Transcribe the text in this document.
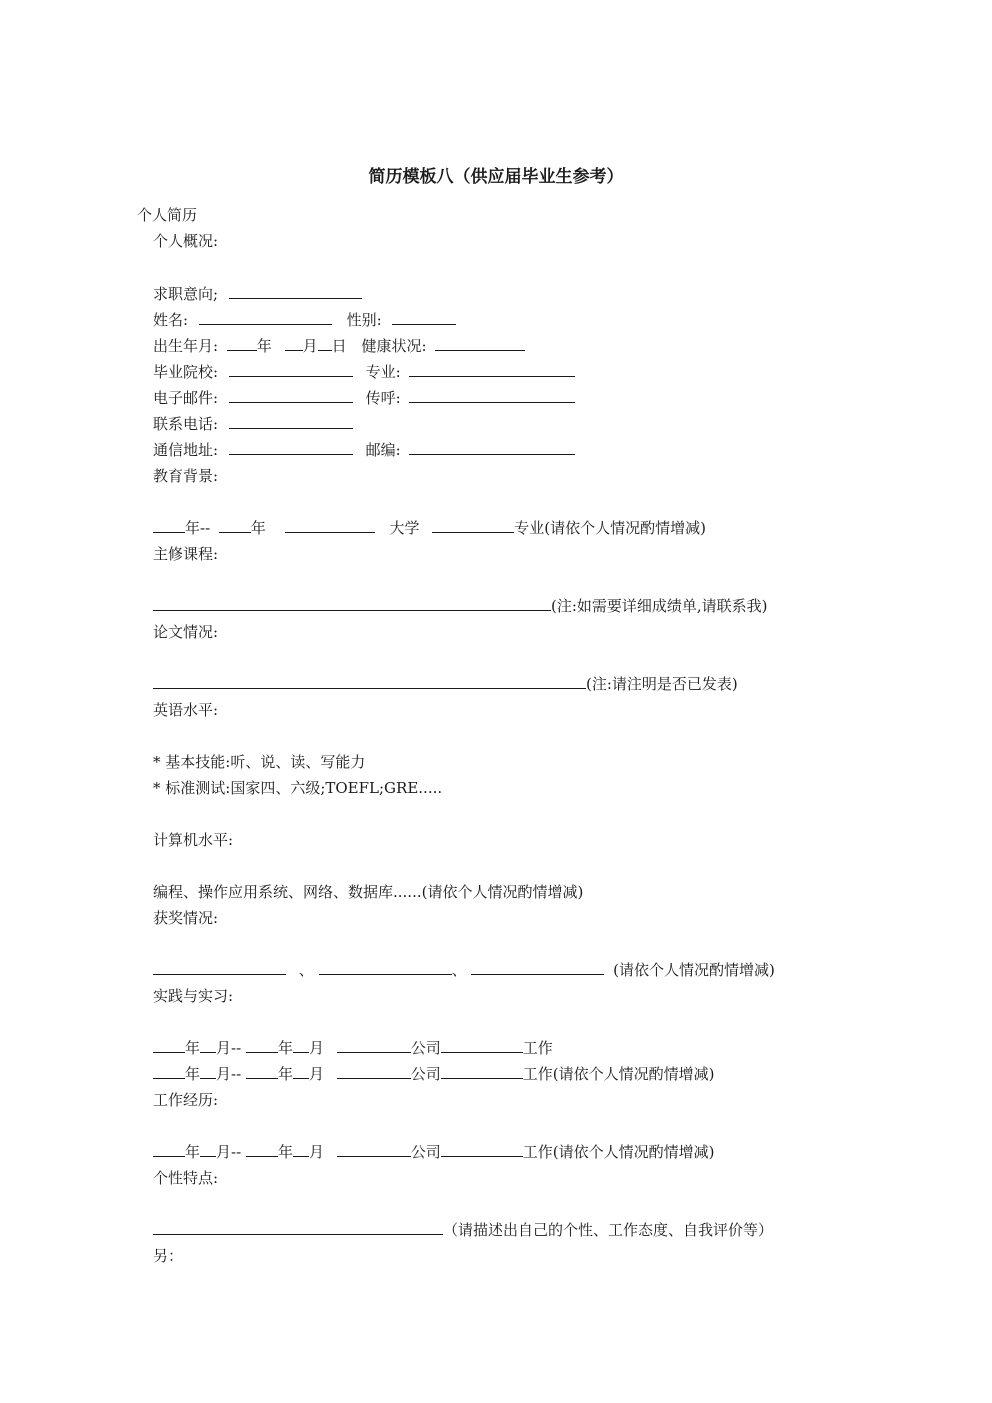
简历模板八（供应届毕业生参考）
个人简历
个人概况:
求职意向;
姓名:	性别:
出生年月:	年 月 日 健康状况:
毕业院校:	专业:
电子邮件:	传呼:
联系电话:
通信地址:	邮编:
教育背景:
年--	年	大学	专业(请依个人情况酌情增减)
主修课程:
(注:如需要详细成绩单,请联系我)
论文情况:
(注:请注明是否已发表)
英语水平:
* 基本技能:听、说、读、写能力
* 标准测试:国家四、六级;TOEFL;GRE.....
计算机水平:
编程、操作应用系统、网络、数据库......(请依个人情况酌情增减)
获奖情况:
、	、	(请依个人情况酌情增减)
实践与实习:
年 月-- 年 月	公司	工作
年 月-- 年 月	公司	工作(请依个人情况酌情增减)
工作经历:
年 月-- 年 月	公司	工作(请依个人情况酌情增减)
个性特点:
（请描述出自己的个性、工作态度、自我评价等）
另：
